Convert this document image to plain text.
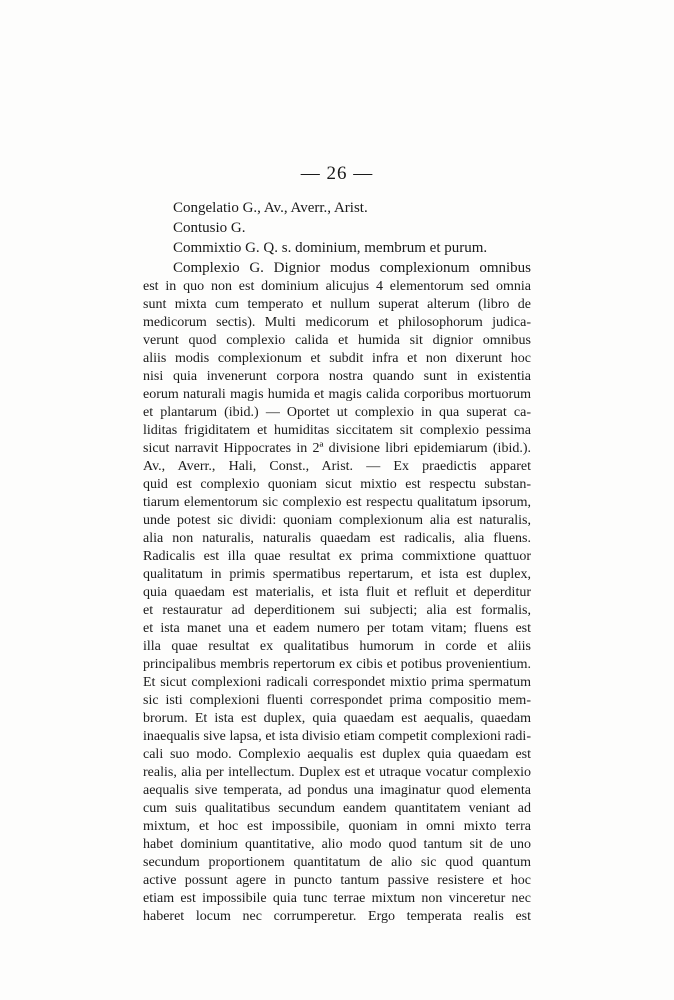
— 26 —
Congelatio G., Av., Averr., Arist.
Contusio G.
Commixtio G. Q. s. dominium, membrum et purum.
Complexio G. Dignior modus complexionum omnibus
est in quo non est dominium alicujus 4 elementorum sed omnia
sunt mixta cum temperato et nullum superat alterum (libro de
medicorum sectis). Multi medicorum et philosophorum judica-
verunt quod complexio calida et humida sit dignior omnibus
aliis modis complexionum et subdit infra et non dixerunt hoc
nisi quia invenerunt corpora nostra quando sunt in existentia
eorum naturali magis humida et magis calida corporibus mortuorum
et plantarum (ibid.) — Oportet ut complexio in qua superat ca-
liditas frigiditatem et humiditas siccitatem sit complexio pessima
sicut narravit Hippocrates in 2ª divisione libri epidemiarum (ibid.).
Av., Averr., Hali, Const., Arist. — Ex praedictis apparet
quid est complexio quoniam sicut mixtio est respectu substan-
tiarum elementorum sic complexio est respectu qualitatum ipsorum,
unde potest sic dividi: quoniam complexionum alia est naturalis,
alia non naturalis, naturalis quaedam est radicalis, alia fluens.
Radicalis est illa quae resultat ex prima commixtione quattuor
qualitatum in primis spermatibus repertarum, et ista est duplex,
quia quaedam est materialis, et ista fluit et refluit et deperditur
et restauratur ad deperditionem sui subjecti; alia est formalis,
et ista manet una et eadem numero per totam vitam; fluens est
illa quae resultat ex qualitatibus humorum in corde et aliis
principalibus membris repertorum ex cibis et potibus provenientium.
Et sicut complexioni radicali correspondet mixtio prima spermatum
sic isti complexioni fluenti correspondet prima compositio mem-
brorum. Et ista est duplex, quia quaedam est aequalis, quaedam
inaequalis sive lapsa, et ista divisio etiam competit complexioni radi-
cali suo modo. Complexio aequalis est duplex quia quaedam est
realis, alia per intellectum. Duplex est et utraque vocatur complexio
aequalis sive temperata, ad pondus una imaginatur quod elementa
cum suis qualitatibus secundum eandem quantitatem veniant ad
mixtum, et hoc est impossibile, quoniam in omni mixto terra
habet dominium quantitative, alio modo quod tantum sit de uno
secundum proportionem quantitatum de alio sic quod quantum
active possunt agere in puncto tantum passive resistere et hoc
etiam est impossibile quia tunc terrae mixtum non vinceretur nec
haberet locum nec corrumperetur. Ergo temperata realis est
